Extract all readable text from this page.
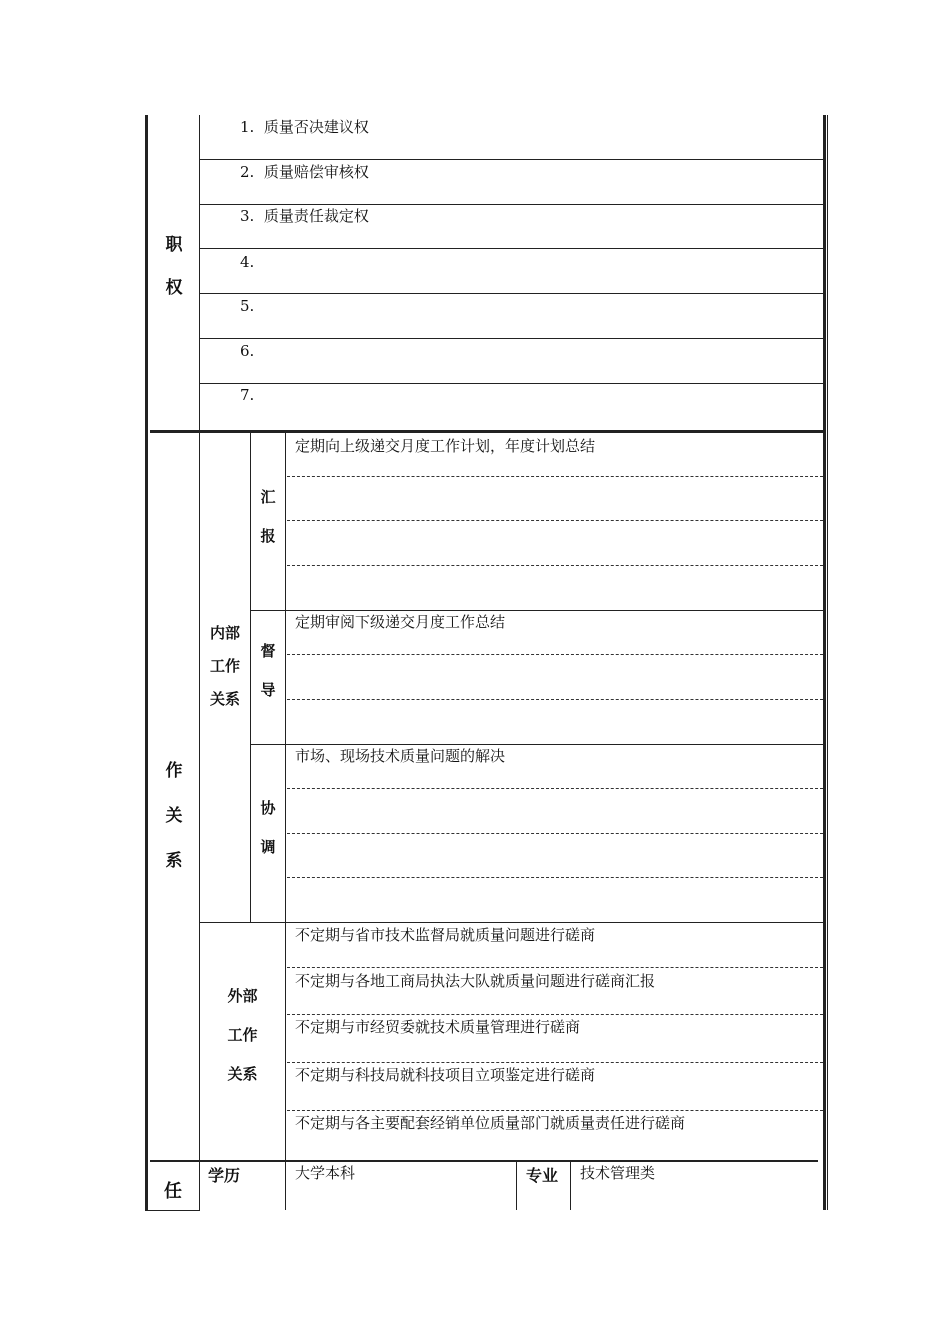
职
权
1. 质量否决建议权
2. 质量赔偿审核权
3. 质量责任裁定权
4.
5.
6.
7.
作
关
系
内部
工作
关系
汇
报
定期向上级递交月度工作计划，年度计划总结
督
导
定期审阅下级递交月度工作总结
协
调
市场、现场技术质量问题的解决
外部
工作
关系
不定期与省市技术监督局就质量问题进行磋商
不定期与各地工商局执法大队就质量问题进行磋商汇报
不定期与市经贸委就技术质量管理进行磋商
不定期与科技局就科技项目立项鉴定进行磋商
不定期与各主要配套经销单位质量部门就质量责任进行磋商
任
学历	大学本科	专业 技术管理类
